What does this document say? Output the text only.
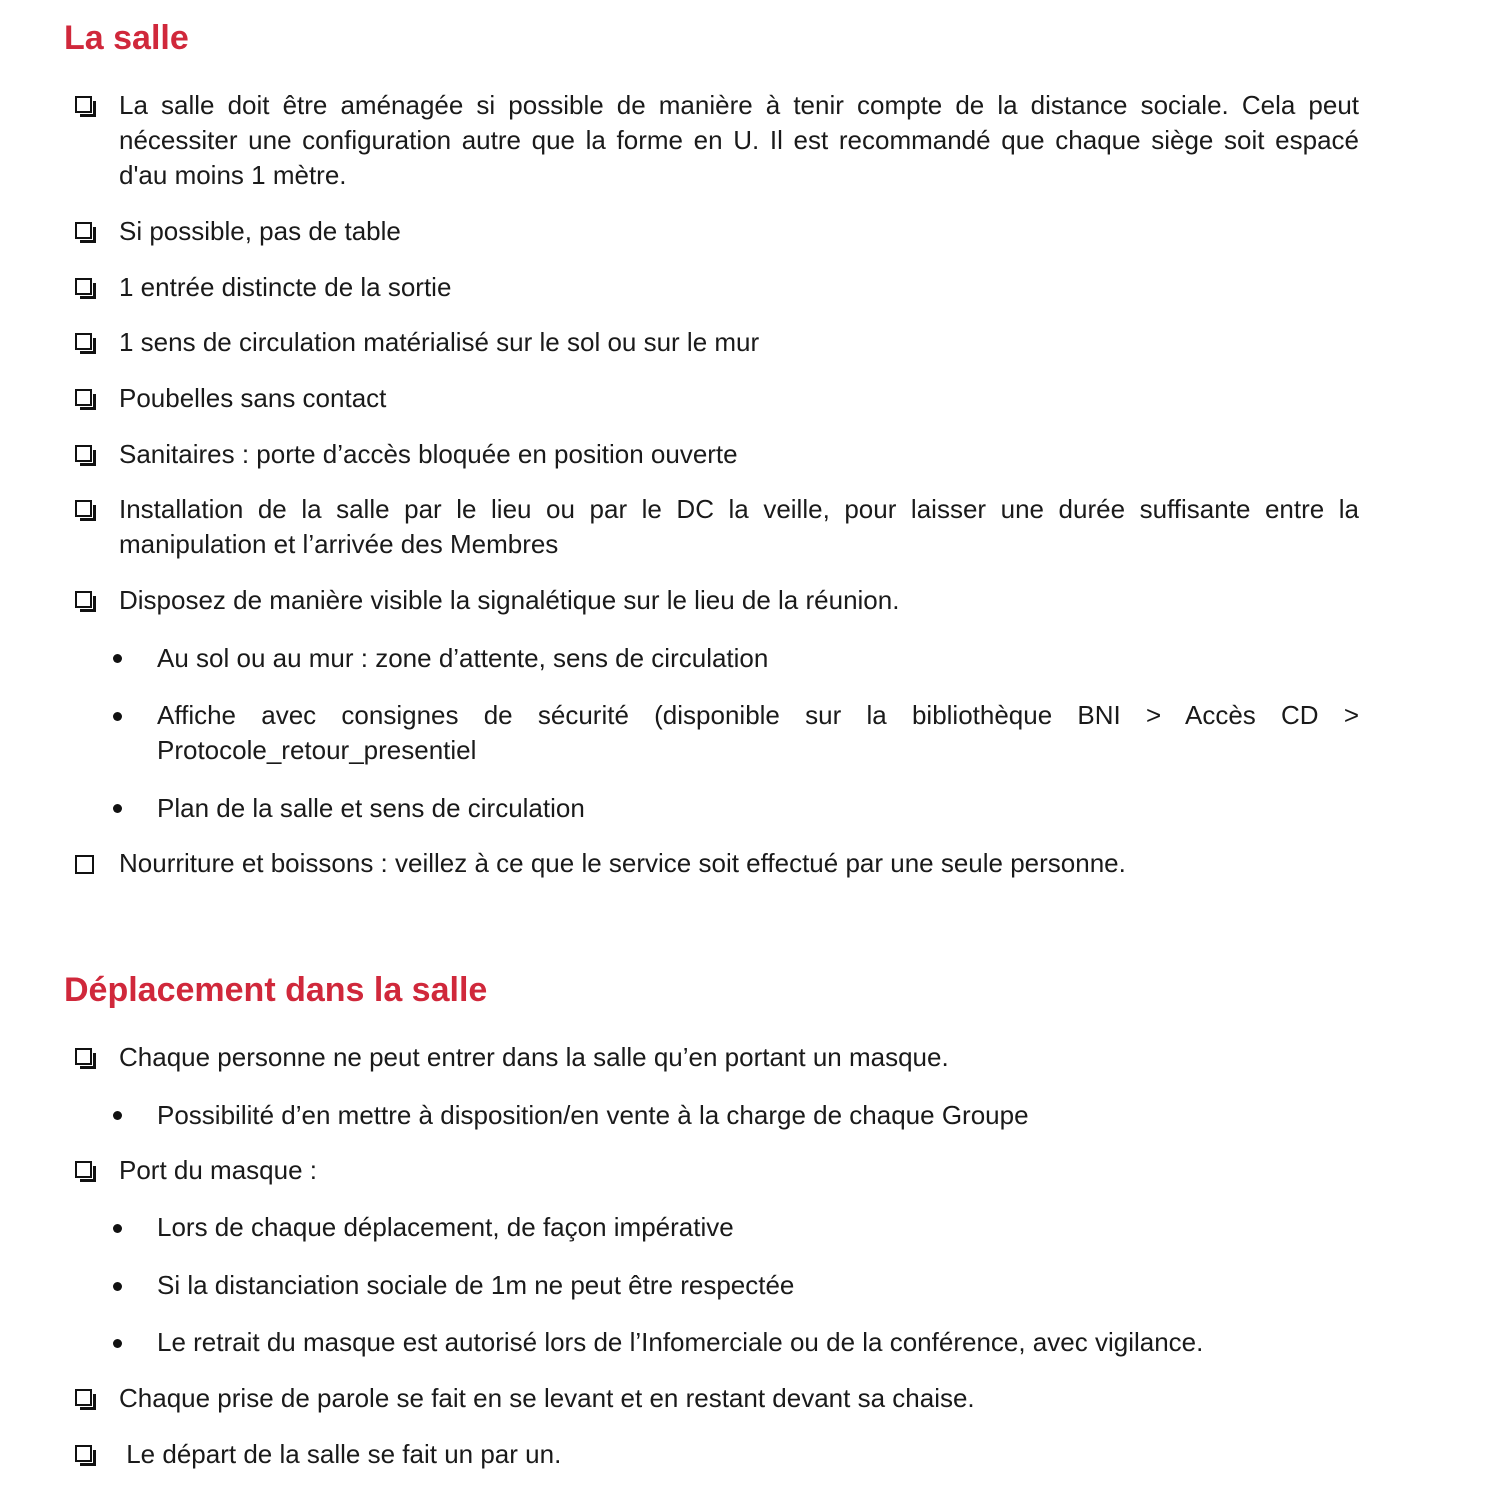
La salle
La salle doit être aménagée si possible de manière à tenir compte de la distance sociale. Cela peut nécessiter une configuration autre que la forme en U. Il est recommandé que chaque siège soit espacé d'au moins 1 mètre.
Si possible, pas de table
1 entrée distincte de la sortie
1 sens de circulation matérialisé sur le sol ou sur le mur
Poubelles sans contact
Sanitaires : porte d’accès bloquée en position ouverte
Installation de la salle par le lieu ou par le DC la veille, pour laisser une durée suffisante entre la manipulation et l’arrivée des Membres
Disposez de manière visible la signalétique sur le lieu de la réunion.
Au sol ou au mur : zone d’attente, sens de circulation
Affiche avec consignes de sécurité (disponible sur la bibliothèque BNI > Accès CD > Protocole_retour_presentiel
Plan de la salle et sens de circulation
Nourriture et boissons : veillez à ce que le service soit effectué par une seule personne.
Déplacement dans la salle
Chaque personne ne peut entrer dans la salle qu’en portant un masque.
Possibilité d’en mettre à disposition/en vente à la charge de chaque Groupe
Port du masque :
Lors de chaque déplacement, de façon impérative
Si la distanciation sociale de 1m ne peut être respectée
Le retrait du masque est autorisé lors de l’Infomerciale ou de la conférence, avec vigilance.
Chaque prise de parole se fait en se levant et en restant devant sa chaise.
Le départ de la salle se fait un par un.
